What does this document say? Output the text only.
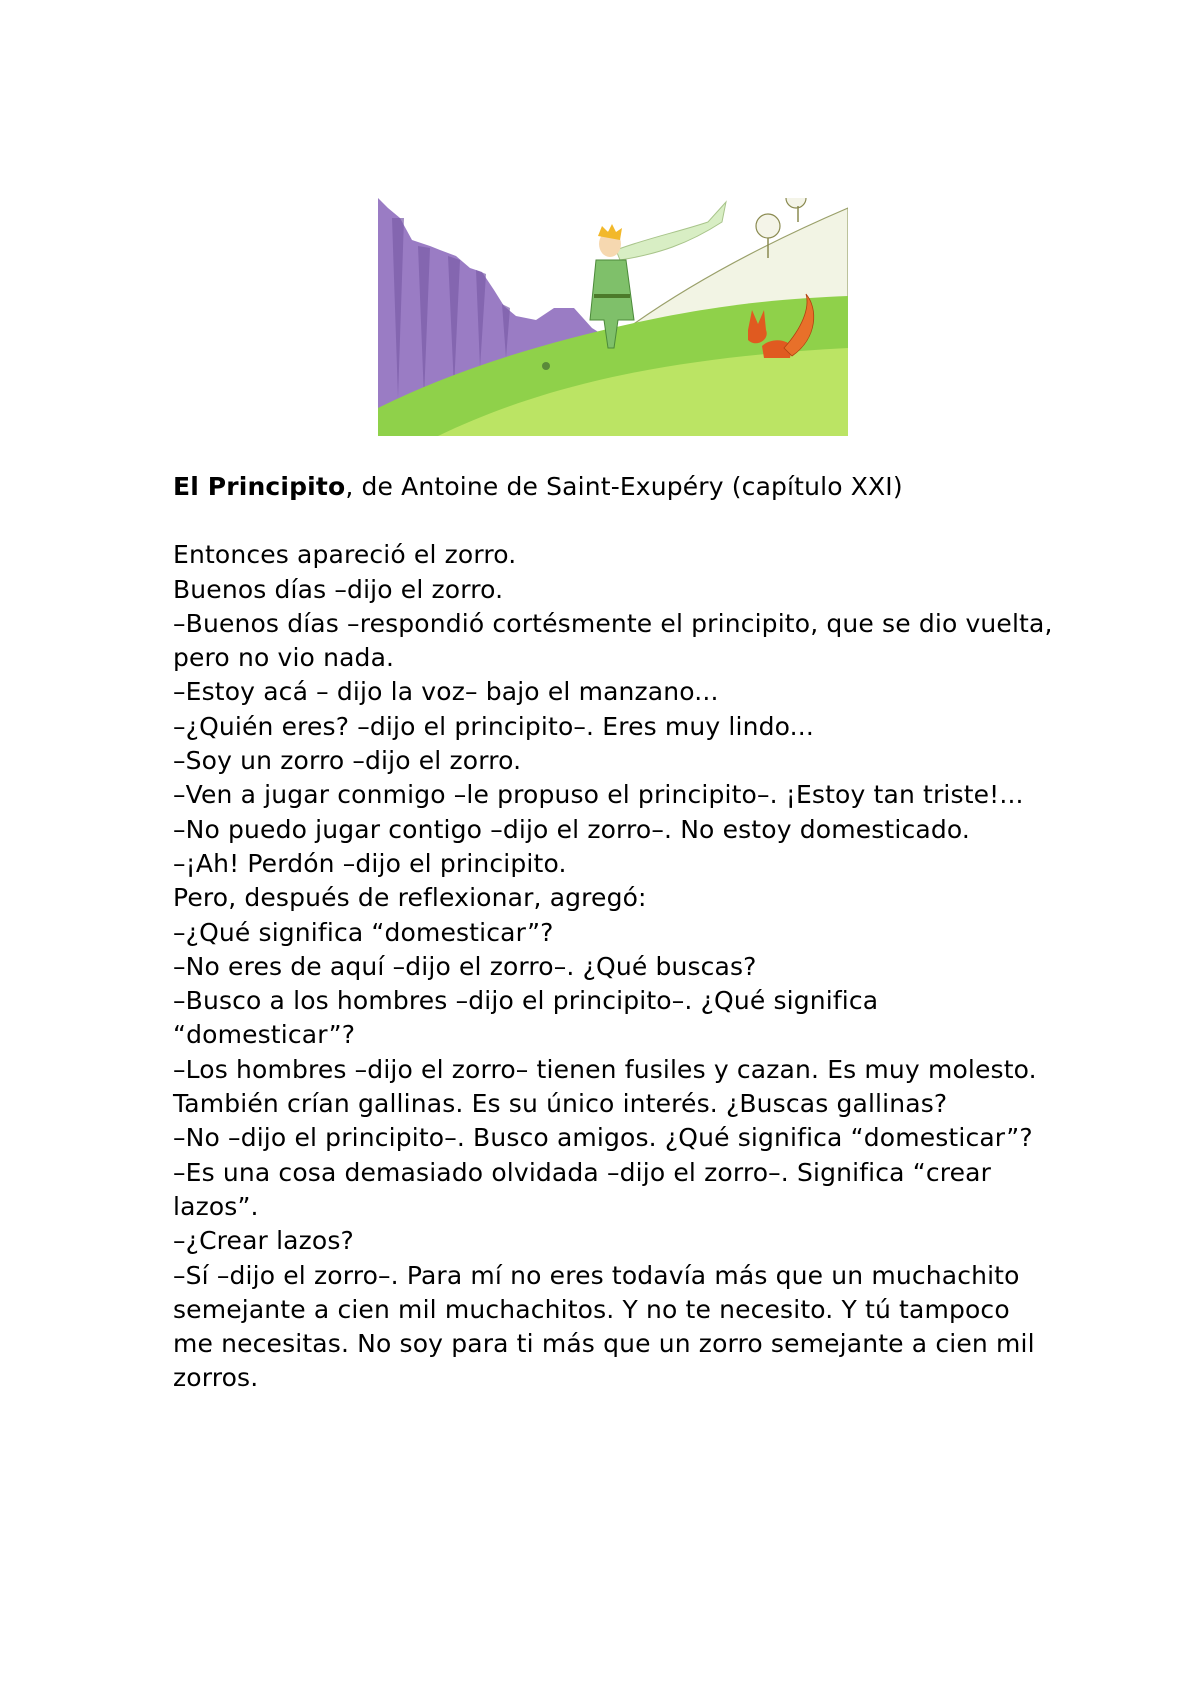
El Principito, de Antoine de Saint-Exupéry (capítulo XXI)

Entonces apareció el zorro.
Buenos días –dijo el zorro.
–Buenos días –respondió cortésmente el principito, que se dio vuelta, pero no vio nada.
–Estoy acá – dijo la voz– bajo el manzano...
–¿Quién eres? –dijo el principito–. Eres muy lindo...
–Soy un zorro –dijo el zorro.
–Ven a jugar conmigo –le propuso el principito–. ¡Estoy tan triste!...
–No puedo jugar contigo –dijo el zorro–. No estoy domesticado.
–¡Ah! Perdón –dijo el principito.
Pero, después de reflexionar, agregó:
–¿Qué significa “domesticar”?
–No eres de aquí –dijo el zorro–. ¿Qué buscas?
–Busco a los hombres –dijo el principito–. ¿Qué significa “domesticar”?
–Los hombres –dijo el zorro– tienen fusiles y cazan. Es muy molesto. También crían gallinas. Es su único interés. ¿Buscas gallinas?
–No –dijo el principito–. Busco amigos. ¿Qué significa “domesticar”?
–Es una cosa demasiado olvidada –dijo el zorro–. Significa “crear lazos”.
–¿Crear lazos?
–Sí –dijo el zorro–. Para mí no eres todavía más que un muchachito semejante a cien mil muchachitos. Y no te necesito. Y tú tampoco me necesitas. No soy para ti más que un zorro semejante a cien mil zorros.
